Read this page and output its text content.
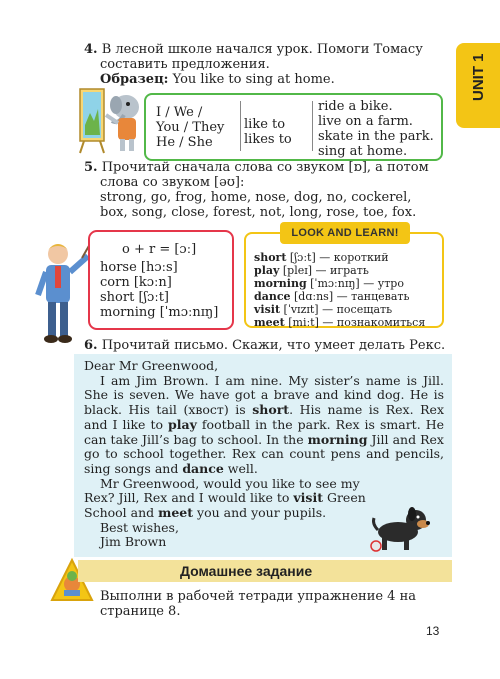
UNIT 1
4. В лесной школе начался урок. Помоги Томасу
составить предложения.
Образец: You like to sing at home.
I / We /
You / They
He / She
like to
likes to
ride a bike.
live on a farm.
skate in the park.
sing at home.
5. Прочитай сначала слова со звуком [ɒ], а потом
слова со звуком [əʊ]:
strong, go, frog, home, nose, dog, no, cockerel,
box, song, close, forest, not, long, rose, toe, fox.
o + r = [ɔː]
horse [hɔːs]
corn [kɔːn]
short [ʃɔːt]
morning [ˈmɔːnɪŋ]
short [ʃɔːt] — короткий
play [pleɪ] — играть
morning [ˈmɔːnɪŋ] — утро
dance [dɑːns] — танцевать
visit [ˈvɪzɪt] — посещать
meet [miːt] — познакомиться
LOOK AND LEARN!
6. Прочитай письмо. Скажи, что умеет делать Рекс.
Dear Mr Greenwood,
I am Jim Brown. I am nine. My sister’s name is Jill. She is seven. We have got a brave and kind dog. He is black. His tail (хвост) is short. His name is Rex. Rex and I like to play football in the park. Rex is smart. He can take Jill’s bag to school. In the morning Jill and Rex go to school together. Rex can count pens and pencils, sing songs and dance well.
Mr Greenwood, would you like to see my Rex? Jill, Rex and I would like to visit Green School and meet you and your pupils.
Best wishes,
Jim Brown
Домашнее задание
Выполни в рабочей тетради упражнение 4 на странице 8.
13
